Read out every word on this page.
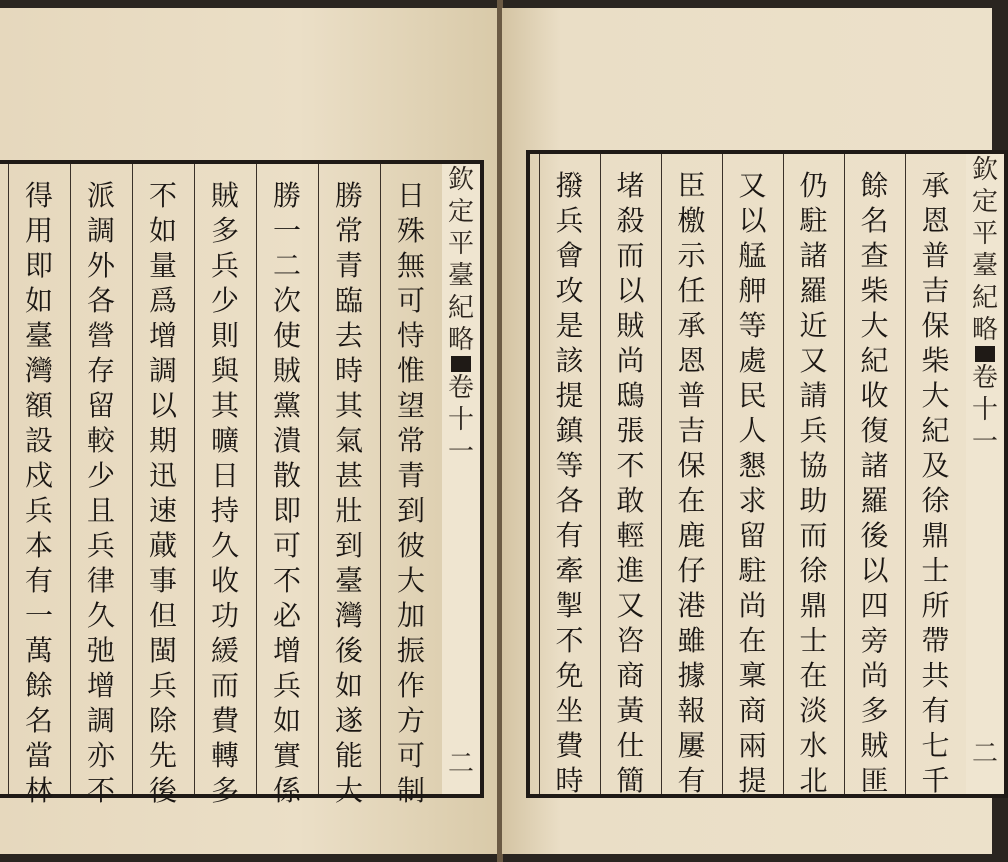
欽
定
平
臺
紀
略
卷
十
一
二
日
殊
無
可
恃
惟
望
常
青
到
彼
大
加
振
作
方
可
制
勝
常
青
臨
去
時
其
氣
甚
壯
到
臺
灣
後
如
遂
能
大
勝
一
二
次
使
賊
黨
潰
散
即
可
不
必
增
兵
如
實
係
賊
多
兵
少
則
與
其
曠
日
持
久
收
功
緩
而
費
轉
多
不
如
量
爲
增
調
以
期
迅
速
蕆
事
但
閩
兵
除
先
後
派
調
外
各
營
存
留
較
少
且
兵
律
久
弛
增
調
亦
不
得
用
即
如
臺
灣
額
設
戍
兵
本
有
一
萬
餘
名
當
林
欽
定
平
臺
紀
略
卷
十
一
二
承
恩
普
吉
保
柴
大
紀
及
徐
鼎
士
所
帶
共
有
七
千
餘
名
查
柴
大
紀
收
復
諸
羅
後
以
四
旁
尚
多
賊
匪
仍
駐
諸
羅
近
又
請
兵
協
助
而
徐
鼎
士
在
淡
水
北
又
以
艋
舺
等
處
民
人
懇
求
留
駐
尚
在
稟
商
兩
提
臣
檄
示
任
承
恩
普
吉
保
在
鹿
仔
港
雖
據
報
屢
有
堵
殺
而
以
賊
尚
鴟
張
不
敢
輕
進
又
咨
商
黃
仕
簡
撥
兵
會
攻
是
該
提
鎮
等
各
有
牽
掣
不
免
坐
費
時
